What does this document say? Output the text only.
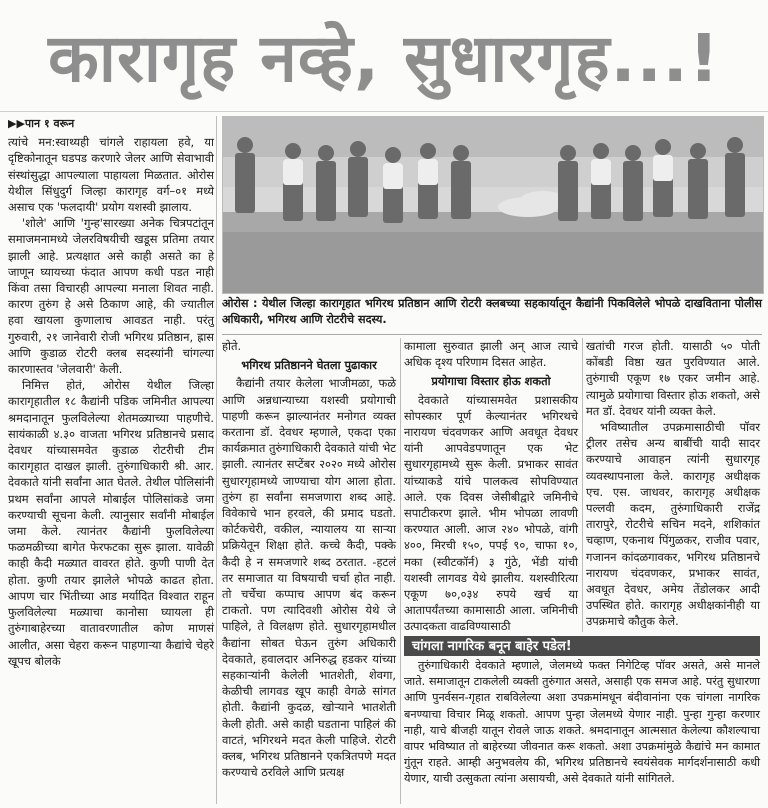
कारागृह नव्हे, सुधारगृह...!
▶▶पान १ वरून

त्यांचे मन:स्वाथ्यही चांगले राहायला हवे, या दृष्टिकोनातून घडपड करणारे जेलर आणि सेवाभावी संस्थांसुद्धा आपल्याला पाहायला मिळतात. ओरोस येथील सिंधुदुर्ग जिल्हा कारागृह वर्ग–०१ मध्ये असाच एक 'फलदायी' प्रयोग यशस्वी झालाय.

'शोले' आणि 'गुन्ह'सारख्या अनेक चित्रपटांतून समाजमनामध्ये जेलरविषयीची खडूस प्रतिमा तयार झाली आहे. प्रत्यक्षात असे काही असते का हे जाणून घ्यायच्या फंदात आपण कधी पडत नाही किंवा तसा विचारही आपल्या मनाला शिवत नाही. कारण तुरुंग हे असे ठिकाण आहे, की ज्यातील हवा खायला कुणालाच आवडत नाही. परंतु गुरुवारी, २१ जानेवारी रोजी भगिरथ प्रतिष्ठान, ह्रास आणि कुडाळ रोटरी क्लब सदस्यांनी चांगल्या कारणास्तव 'जेलवारी' केली.

निमित्त होतं, ओरोस येथील जिल्हा कारागृहातील १८ कैद्यांनी पडिक जमिनीत आपल्या श्रमदानातून फुलविलेल्या शेतमळ्याच्या पाहणीचे. सायंकाळी ४.३० वाजता भगिरथ प्रतिष्ठानचे प्रसाद देवधर यांच्यासमवेत कुडाळ रोटरीची टीम कारागृहात दाखल झाली. तुरुंगाधिकारी श्री. आर. देवकाते यांनी सर्वांना आत घेतले. तेथील पोलिसांनी प्रथम सर्वांना आपले मोबाईल पोलिसांकडे जमा करण्याची सूचना केली. त्यानुसार सर्वांनी मोबाईल जमा केले. त्यानंतर कैद्यांनी फुलविलेल्या फळमळीच्या बागेत फेरफटका सुरू झाला. यावेळी काही कैदी मळ्यात वावरत होते. कुणी पाणी देत होता. कुणी तयार झालेले भोपळे काढत होता. आपण चार भिंतीच्या आड मर्यादित विश्वात राहून फुलविलेल्या मळ्याचा कानोसा घ्यायला ही तुरुंगाबाहेरच्या वातावरणातील कोण माणसं आलीत, असा चेहरा करून पाहणाऱ्या कैद्यांचे चेहरे खूपच बोलके

ओरोस : येथील जिल्हा कारागृहात भगिरथ प्रतिष्ठान आणि रोटरी क्लबच्या सहकार्यातून कैद्यांनी पिकविलेले भोपळे दाखविताना पोलीस अधिकारी, भगिरथ आणि रोटरीचे सदस्य.

होते.

भगिरथ प्रतिष्ठानने घेतला पुढाकार

कैद्यांनी तयार केलेला भाजीमळा, फळे आणि अन्नधान्याच्या यशस्वी प्रयोगाची पाहणी करून झाल्यानंतर मनोगत व्यक्त करताना डॉ. देवधर म्हणाले, एकदा एका कार्यक्रमात तुरुंगाधिकारी देवकाते यांची भेट झाली. त्यानंतर सप्टेंबर २०२० मध्ये ओरोस सुधारगृहामध्ये जाण्याचा योग आला होता. तुरुंग हा सर्वांना समजणारा शब्द आहे. विवेकाचे भान हरवले, की प्रमाद घडतो. कोर्टकचेरी, वकील, न्यायालय या साऱ्या प्रक्रियेतून शिक्षा होते. कच्चे कैदी, पक्के कैदी हे न समजणारे शब्द ठरतात. -हटलं तर समाजात या विषयाची चर्चा होत नाही. तो चर्चेचा कप्पाच आपण बंद करून टाकतो. पण त्यादिवशी ओरोस येथे जे पाहिले, ते विलक्षण होते. सुधारगृहामधील कैद्यांना सोबत घेऊन तुरुंग अधिकारी देवकाते, हवालदार अनिरुद्ध हडकर यांच्या सहकाऱ्यांनी केलेली भातशेती, शेवगा, केळीची लागवड खूप काही वेगळे सांगत होती. कैद्यांनी कुदळ, खोऱ्याने भातशेती केली होती. असे काही घडताना पाहिलं की वाटतं, भगिरथने मदत केली पाहिजे. रोटरी क्लब, भगिरथ प्रतिष्ठानने एकत्रितपणे मदत करण्याचे ठरविले आणि प्रत्यक्ष

कामाला सुरुवात झाली अन् आज त्याचे अधिक दृश्य परिणाम दिसत आहेत.

प्रयोगाचा विस्तार होऊ शकतो

देवकाते यांच्यासमवेत प्रशासकीय सोपस्कार पूर्ण केल्यानंतर भगिरथचे नारायण चंदवणकर आणि अवधूत देवधर यांनी आपवेडपणातून एक भेट सुधारगृहामध्ये सुरू केली. प्रभाकर सावंत यांच्याकडे यांचे पालकत्व सोपविण्यात आले. एक दिवस जेसीबीद्वारे जमिनीचे सपाटीकरण झाले. भीम भोपळा लावणी करण्यात आली. आज २४० भोपळे, वांगी ४००, मिरची १५०, पपई ९०, चाफा १०, मका (स्वीटकॉर्न) ३ गुंठे, भेंडी यांची यशस्वी लागवड येथे झालीय. यशस्वीरित्या एकूण ७०,०३४ रुपये खर्च या आतापर्यंतच्या कामासाठी आला. जमिनीची उत्पादकता वाढविण्यासाठी

खतांची गरज होती. यासाठी ५० पोती कोंबडी विष्ठा खत पुरविण्यात आले. तुरुंगाची एकूण १७ एकर जमीन आहे. त्यामुळे प्रयोगाचा विस्तार होऊ शकतो, असे मत डॉ. देवधर यांनी व्यक्त केले.

भविष्यातील उपक्रमासाठीची पॉवर ट्रीलर तसेच अन्य बाबींची यादी सादर करण्याचे आवाहन त्यांनी सुधारगृह व्यवस्थापनाला केले. कारागृह अधीक्षक एच. एस. जाधवर, कारागृह अधीक्षक पल्लवी कदम, तुरुंगाधिकारी राजेंद्र तारापुरे, रोटरीचे सचिन मदने, शशिकांत चव्हाण, एकनाथ पिंगुळकर, राजीव पवार, गजानन कांदळगावकर, भगिरथ प्रतिष्ठानचे नारायण चंदवणकर, प्रभाकर सावंत, अवधूत देवधर, अमेय तेंडोलकर आदी उपस्थित होते. कारागृह अधीक्षकांनीही या उपक्रमाचे कौतुक केले.

चांगला नागरिक बनून बाहेर पडेल!

तुरुंगाधिकारी देवकाते म्हणाले, जेलमध्ये फक्त निगेटिव्ह पॉवर असते, असे मानले जाते. समाजातून टाकलेली व्यक्ती तुरुंगात असते, असाही एक समज आहे. परंतु सुधारणा आणि पुनर्वसन-गृहात राबविलेल्या अशा उपक्रमांमधून बंदीवानांना एक चांगला नागरिक बनण्याचा विचार मिळू शकतो. आपण पुन्हा जेलमध्ये येणार नाही. पुन्हा गुन्हा करणार नाही, याचे बीजही यातून रोवले जाऊ शकते. श्रमदानातून आत्मसात केलेल्या कौशल्याचा वापर भविष्यात तो बाहेरच्या जीवनात करू शकतो. अशा उपक्रमांमुळे कैद्यांचे मन कामात गुंतून राहते. आम्ही अनुभवलेय की, भगिरथ प्रतिष्ठानचे स्वयंसेवक मार्गदर्शनासाठी कधी येणार, याची उत्सुकता त्यांना असायची, असे देवकाते यांनी सांगितले.
